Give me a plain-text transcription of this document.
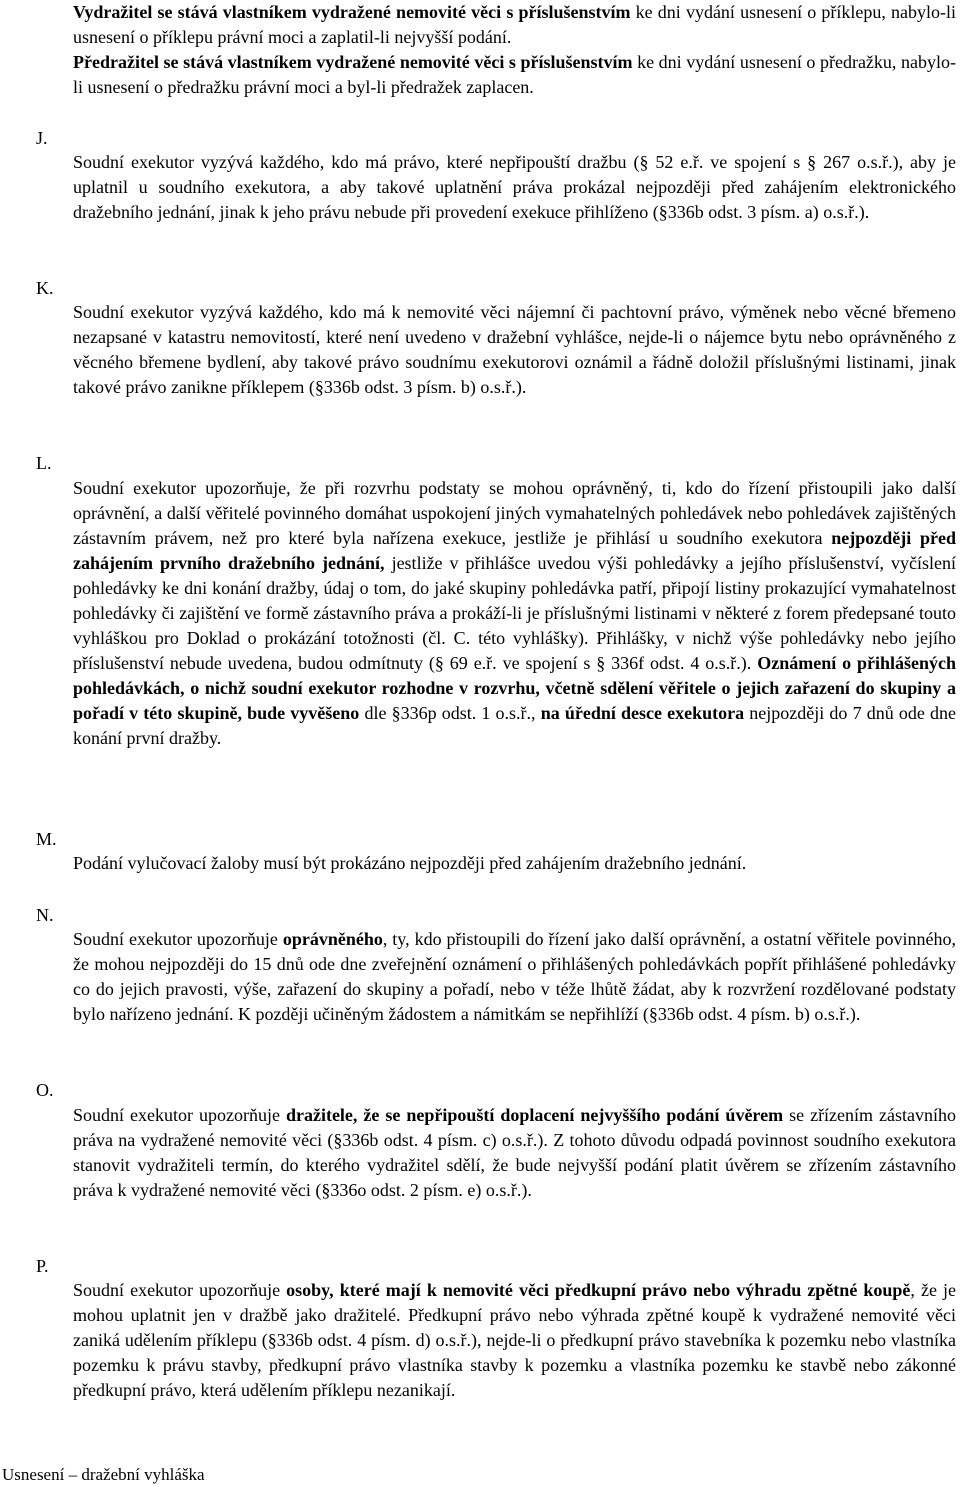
Vydražitel se stává vlastníkem vydražené nemovité věci s příslušenstvím ke dni vydání usnesení o příklepu, nabylo-li usnesení o příklepu právní moci a zaplatil-li nejvyšší podání.

Předražitel se stává vlastníkem vydražené nemovité věci s příslušenstvím ke dni vydání usnesení o předražku, nabylo-li usnesení o předražku právní moci a byl-li předražek zaplacen.

J.

Soudní exekutor vyzývá každého, kdo má právo, které nepřipouští dražbu (§ 52 e.ř. ve spojení s § 267 o.s.ř.), aby je uplatnil u soudního exekutora, a aby takové uplatnění práva prokázal nejpozději před zahájením elektronického dražebního jednání, jinak k jeho právu nebude při provedení exekuce přihlíženo (§336b odst. 3 písm. a) o.s.ř.).

K.

Soudní exekutor vyzývá každého, kdo má k nemovité věci nájemní či pachtovní právo, výměnek nebo věcné břemeno nezapsané v katastru nemovitostí, které není uvedeno v dražební vyhlášce, nejde-li o nájemce bytu nebo oprávněného z věcného břemene bydlení, aby takové právo soudnímu exekutorovi oznámil a řádně doložil příslušnými listinami, jinak takové právo zanikne příklepem (§336b odst. 3 písm. b) o.s.ř.).

L.

Soudní exekutor upozorňuje, že při rozvrhu podstaty se mohou oprávněný, ti, kdo do řízení přistoupili jako další oprávnění, a další věřitelé povinného domáhat uspokojení jiných vymahatelných pohledávek nebo pohledávek zajištěných zástavním právem, než pro které byla nařízena exekuce, jestliže je přihlásí u soudního exekutora nejpozději před zahájením prvního dražebního jednání, jestliže v přihlášce uvedou výši pohledávky a jejího příslušenství, vyčíslení pohledávky ke dni konání dražby, údaj o tom, do jaké skupiny pohledávka patří, připojí listiny prokazující vymahatelnost pohledávky či zajištění ve formě zástavního práva a prokáží-li je příslušnými listinami v některé z forem předepsané touto vyhláškou pro Doklad o prokázání totožnosti (čl. C. této vyhlášky). Přihlášky, v nichž výše pohledávky nebo jejího příslušenství nebude uvedena, budou odmítnuty (§ 69 e.ř. ve spojení s § 336f odst. 4 o.s.ř.). Oznámení o přihlášených pohledávkách, o nichž soudní exekutor rozhodne v rozvrhu, včetně sdělení věřitele o jejich zařazení do skupiny a pořadí v této skupině, bude vyvěšeno dle §336p odst. 1 o.s.ř., na úřední desce exekutora nejpozději do 7 dnů ode dne konání první dražby.

M.

Podání vylučovací žaloby musí být prokázáno nejpozději před zahájením dražebního jednání.

N.

Soudní exekutor upozorňuje oprávněného, ty, kdo přistoupili do řízení jako další oprávnění, a ostatní věřitele povinného, že mohou nejpozději do 15 dnů ode dne zveřejnění oznámení o přihlášených pohledávkách popřít přihlášené pohledávky co do jejich pravosti, výše, zařazení do skupiny a pořadí, nebo v téže lhůtě žádat, aby k rozvržení rozdělované podstaty bylo nařízeno jednání. K později učiněným žádostem a námitkám se nepřihlíží (§336b odst. 4 písm. b) o.s.ř.).

O.

Soudní exekutor upozorňuje dražitele, že se nepřipouští doplacení nejvyššího podání úvěrem se zřízením zástavního práva na vydražené nemovité věci (§336b odst. 4 písm. c) o.s.ř.). Z tohoto důvodu odpadá povinnost soudního exekutora stanovit vydražiteli termín, do kterého vydražitel sdělí, že bude nejvyšší podání platit úvěrem se zřízením zástavního práva k vydražené nemovité věci (§336o odst. 2 písm. e) o.s.ř.).

P.

Soudní exekutor upozorňuje osoby, které mají k nemovité věci předkupní právo nebo výhradu zpětné koupě, že je mohou uplatnit jen v dražbě jako dražitelé. Předkupní právo nebo výhrada zpětné koupě k vydražené nemovité věci zaniká udělením příklepu (§336b odst. 4 písm. d) o.s.ř.), nejde-li o předkupní právo stavebníka k pozemku nebo vlastníka pozemku k právu stavby, předkupní právo vlastníka stavby k pozemku a vlastníka pozemku ke stavbě nebo zákonné předkupní právo, která udělením příklepu nezanikají.

Usnesení – dražební vyhláška
